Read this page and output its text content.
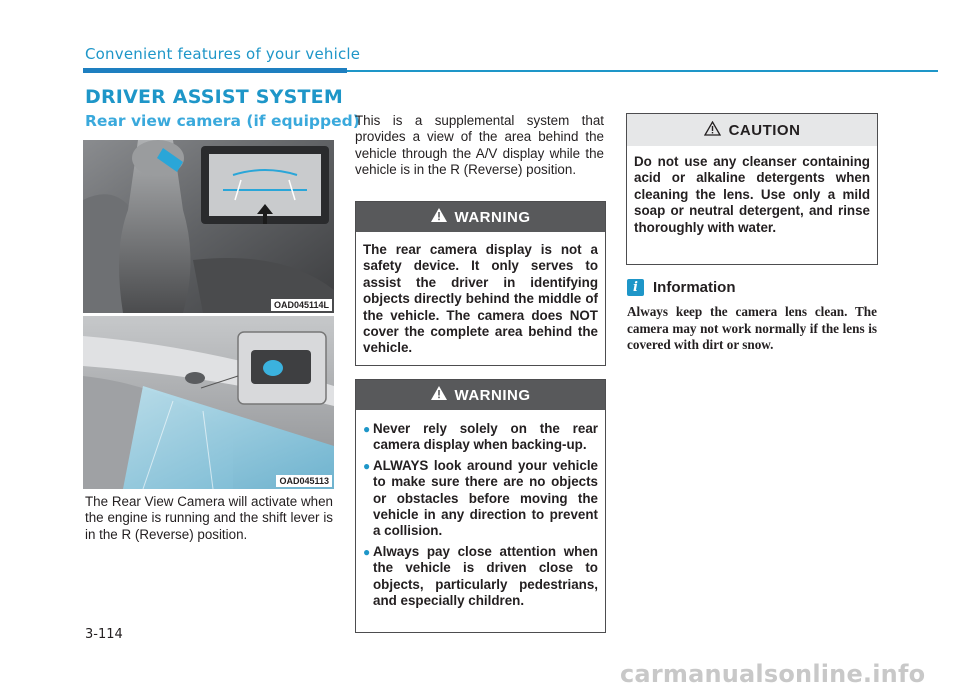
Convenient features of your vehicle
DRIVER ASSIST SYSTEM
Rear view camera (if equipped)
OAD045114L
OAD045113
The Rear View Camera will activate when the engine is running and the shift lever is in the R (Reverse) position.
This is a supplemental system that provides a view of the area behind the vehicle through the A/V display while the vehicle is in the R (Reverse) position.
WARNING
The rear camera display is not a safety device. It only serves to assist the driver in identifying objects directly behind the middle of the vehicle. The camera does NOT cover the complete area behind the vehicle.
WARNING
● Never rely solely on the rear camera display when backing-up.
● ALWAYS look around your vehicle to make sure there are no objects or obstacles before moving the vehicle in any direction to prevent a collision.
● Always pay close attention when the vehicle is driven close to objects, particularly pedestrians, and especially children.
CAUTION
Do not use any cleanser containing acid or alkaline detergents when cleaning the lens. Use only a mild soap or neutral detergent, and rinse thoroughly with water.
i	Information
Always keep the camera lens clean. The camera may not work normally if the lens is covered with dirt or snow.
3-114
carmanualsonline.info
